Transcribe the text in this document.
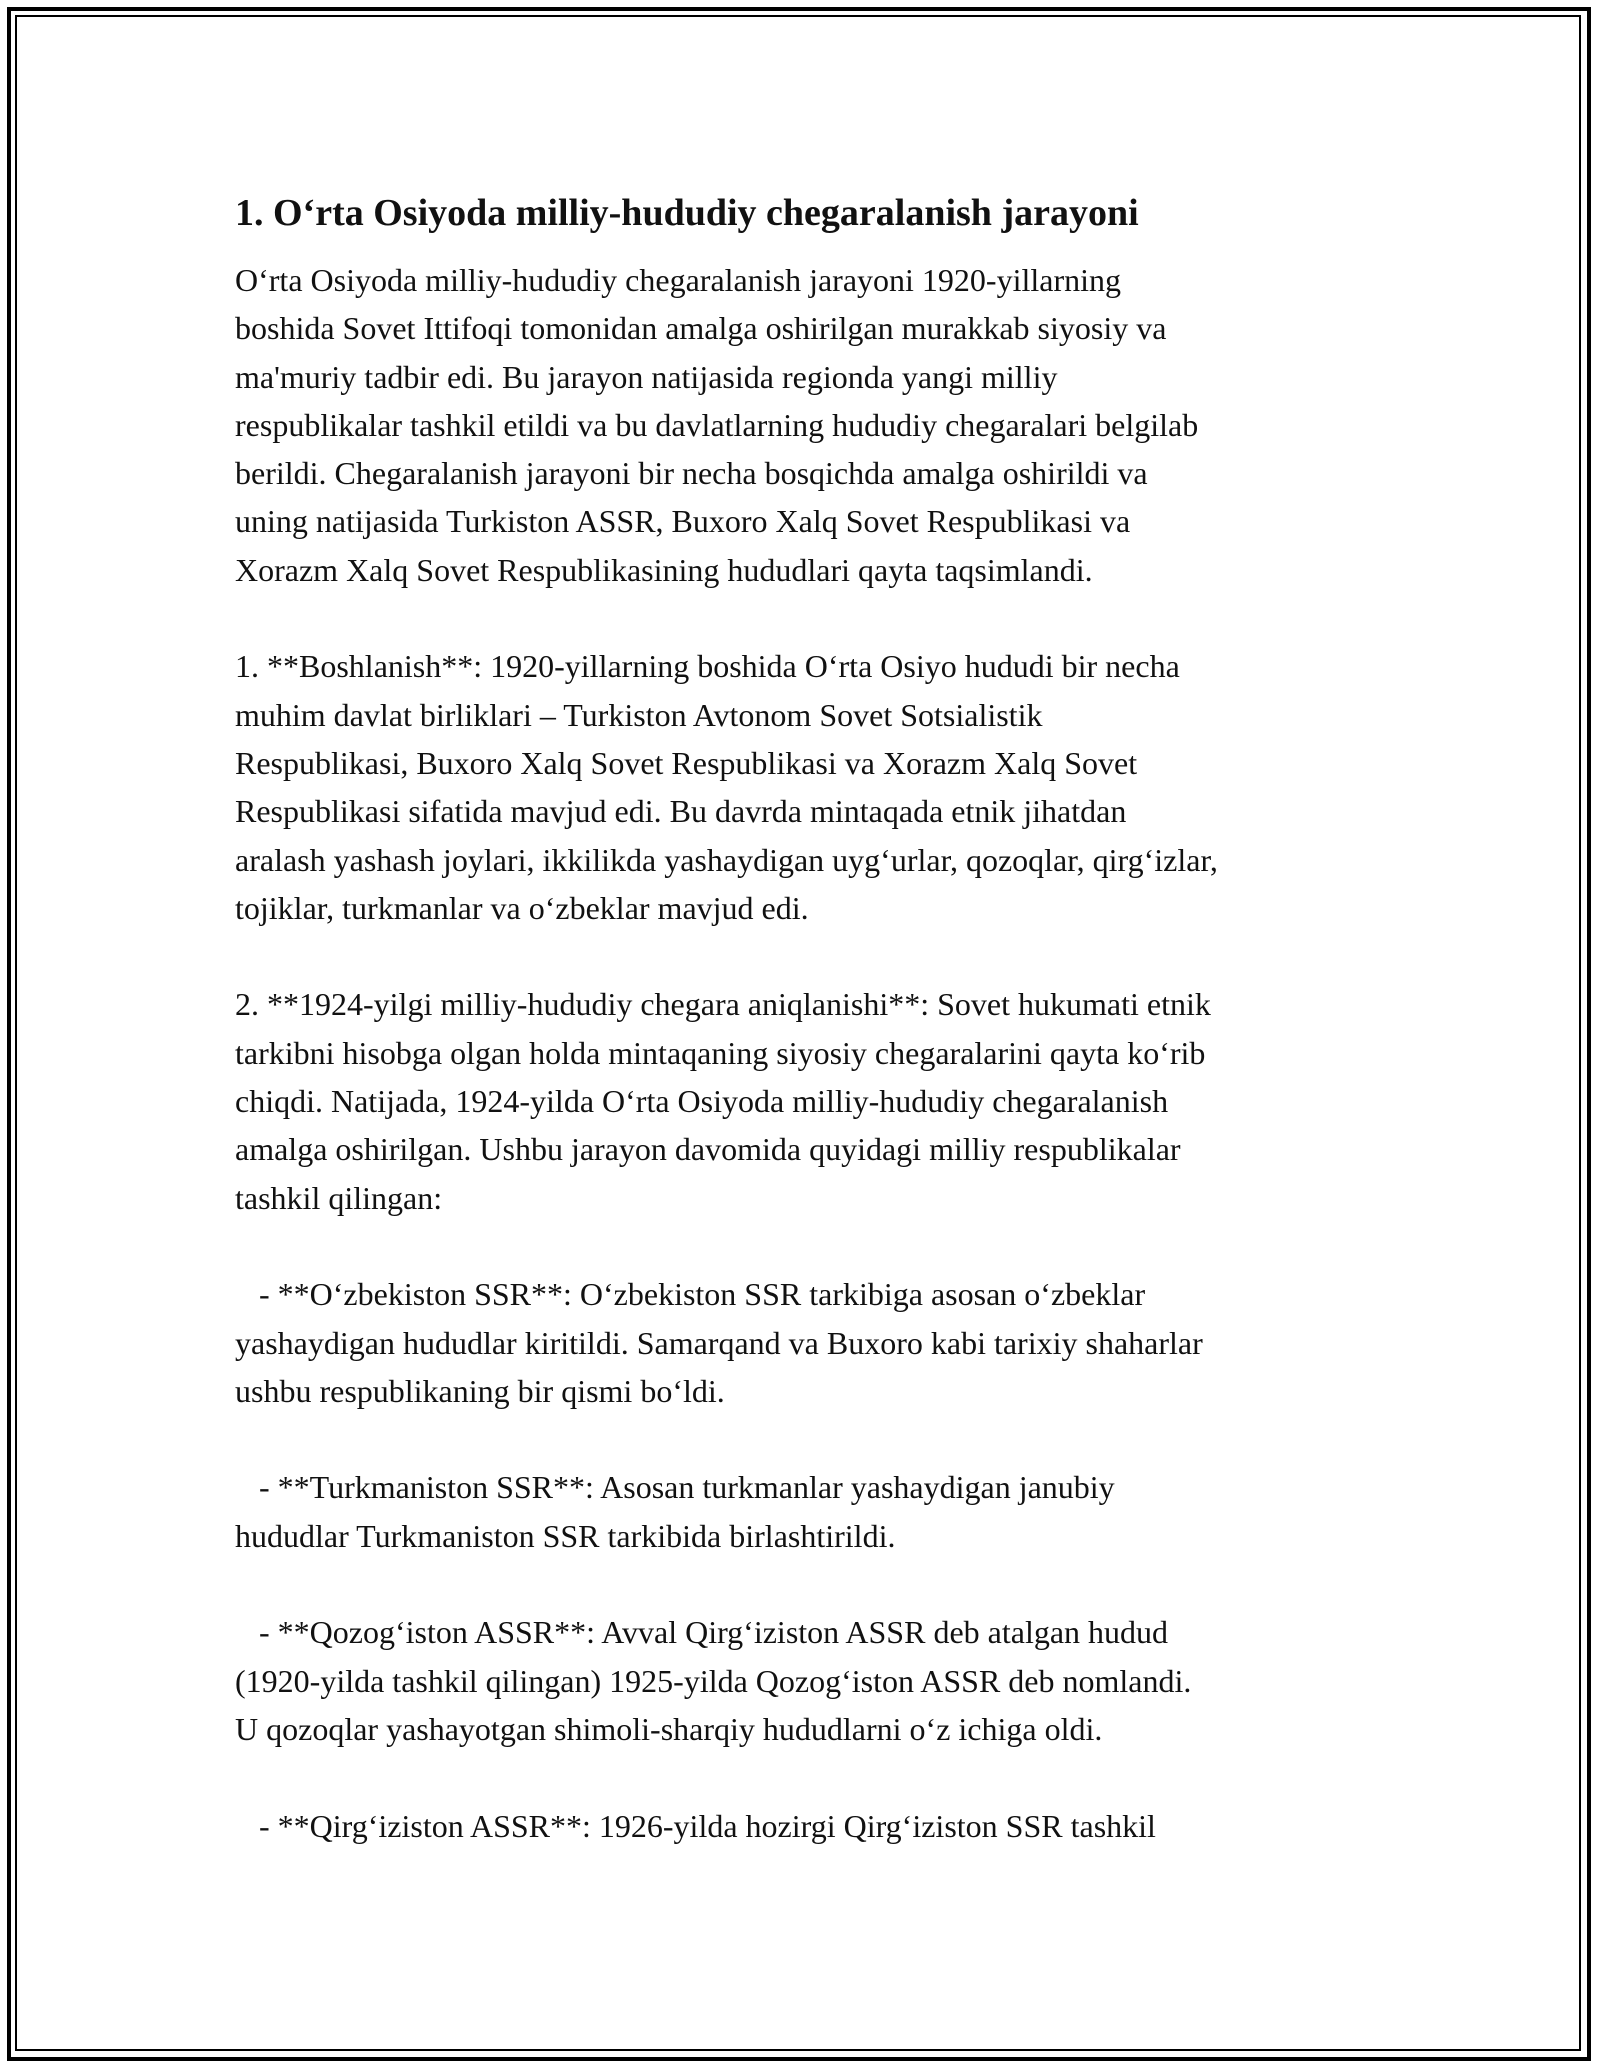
1. O‘rta Osiyoda milliy-hududiy chegaralanish jarayoni

O‘rta Osiyoda milliy-hududiy chegaralanish jarayoni 1920-yillarning
boshida Sovet Ittifoqi tomonidan amalga oshirilgan murakkab siyosiy va
ma'muriy tadbir edi. Bu jarayon natijasida regionda yangi milliy
respublikalar tashkil etildi va bu davlatlarning hududiy chegaralari belgilab
berildi. Chegaralanish jarayoni bir necha bosqichda amalga oshirildi va
uning natijasida Turkiston ASSR, Buxoro Xalq Sovet Respublikasi va
Xorazm Xalq Sovet Respublikasining hududlari qayta taqsimlandi.

1. **Boshlanish**: 1920-yillarning boshida O‘rta Osiyo hududi bir necha
muhim davlat birliklari – Turkiston Avtonom Sovet Sotsialistik
Respublikasi, Buxoro Xalq Sovet Respublikasi va Xorazm Xalq Sovet
Respublikasi sifatida mavjud edi. Bu davrda mintaqada etnik jihatdan
aralash yashash joylari, ikkilikda yashaydigan uyg‘urlar, qozoqlar, qirg‘izlar,
tojiklar, turkmanlar va o‘zbeklar mavjud edi.

2. **1924-yilgi milliy-hududiy chegara aniqlanishi**: Sovet hukumati etnik
tarkibni hisobga olgan holda mintaqaning siyosiy chegaralarini qayta ko‘rib
chiqdi. Natijada, 1924-yilda O‘rta Osiyoda milliy-hududiy chegaralanish
amalga oshirilgan. Ushbu jarayon davomida quyidagi milliy respublikalar
tashkil qilingan:

- **O‘zbekiston SSR**: O‘zbekiston SSR tarkibiga asosan o‘zbeklar
yashaydigan hududlar kiritildi. Samarqand va Buxoro kabi tarixiy shaharlar
ushbu respublikaning bir qismi bo‘ldi.

- **Turkmaniston SSR**: Asosan turkmanlar yashaydigan janubiy
hududlar Turkmaniston SSR tarkibida birlashtirildi.

- **Qozog‘iston ASSR**: Avval Qirg‘iziston ASSR deb atalgan hudud
(1920-yilda tashkil qilingan) 1925-yilda Qozog‘iston ASSR deb nomlandi.
U qozoqlar yashayotgan shimoli-sharqiy hududlarni o‘z ichiga oldi.

- **Qirg‘iziston ASSR**: 1926-yilda hozirgi Qirg‘iziston SSR tashkil
